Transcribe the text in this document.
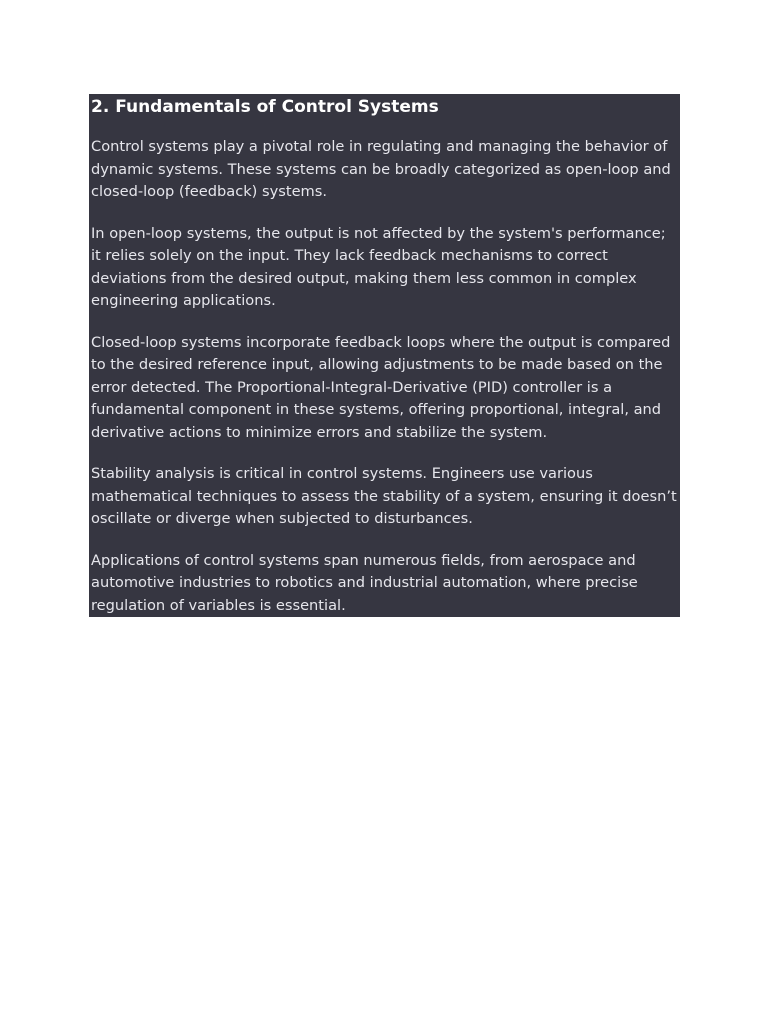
2. Fundamentals of Control Systems

Control systems play a pivotal role in regulating and managing the behavior of dynamic systems. These systems can be broadly categorized as open-loop and closed-loop (feedback) systems.

In open-loop systems, the output is not affected by the system's performance; it relies solely on the input. They lack feedback mechanisms to correct deviations from the desired output, making them less common in complex engineering applications.

Closed-loop systems incorporate feedback loops where the output is compared to the desired reference input, allowing adjustments to be made based on the error detected. The Proportional-Integral-Derivative (PID) controller is a fundamental component in these systems, offering proportional, integral, and derivative actions to minimize errors and stabilize the system.

Stability analysis is critical in control systems. Engineers use various mathematical techniques to assess the stability of a system, ensuring it doesn’t oscillate or diverge when subjected to disturbances.

Applications of control systems span numerous fields, from aerospace and automotive industries to robotics and industrial automation, where precise regulation of variables is essential.
